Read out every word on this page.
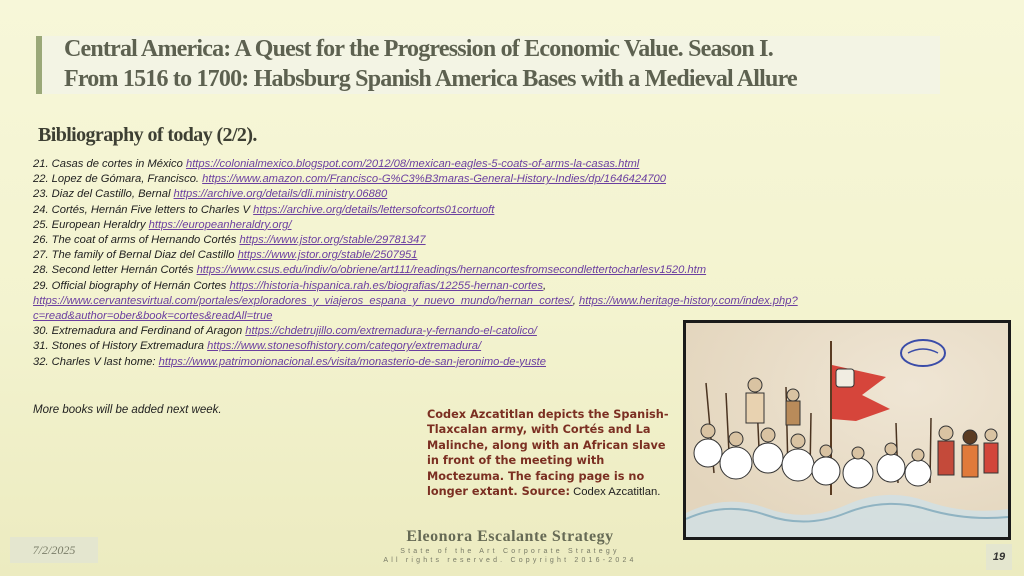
Central America: A Quest for the Progression of Economic Value. Season I.
From 1516 to 1700: Habsburg Spanish America Bases with a Medieval Allure
Bibliography of today (2/2).
21. Casas de cortes in México https://colonialmexico.blogspot.com/2012/08/mexican-eagles-5-coats-of-arms-la-casas.html
22. Lopez de Gómara, Francisco. https://www.amazon.com/Francisco-G%C3%B3maras-General-History-Indies/dp/1646424700
23. Diaz del Castillo, Bernal https://archive.org/details/dli.ministry.06880
24. Cortés, Hernán Five letters to Charles V https://archive.org/details/lettersofcorts01cortuoft
25. European Heraldry https://europeanheraldry.org/
26. The coat of arms of Hernando Cortés https://www.jstor.org/stable/29781347
27. The family of Bernal Diaz del Castillo https://www.jstor.org/stable/2507951
28. Second letter Hernán Cortés https://www.csus.edu/indiv/o/obriene/art111/readings/hernancortesfromsecondlettertocharlesv1520.htm
29. Official biography of Hernán Cortes https://historia-hispanica.rah.es/biografias/12255-hernan-cortes, https://www.cervantesvirtual.com/portales/exploradores_y_viajeros_espana_y_nuevo_mundo/hernan_cortes/, https://www.heritage-history.com/index.php?c=read&author=ober&book=cortes&readAll=true
30. Extremadura and Ferdinand of Aragon https://chdetrujillo.com/extremadura-y-fernando-el-catolico/
31. Stones of History Extremadura https://www.stonesofhistory.com/category/extremadura/
32. Charles V last home: https://www.patrimonionacional.es/visita/monasterio-de-san-jeronimo-de-yuste
More books will be added next week.	Codex Azcatitlan depicts the Spanish-Tlaxcalan army, with Cortés and La Malinche, along with an African slave in front of the meeting with Moctezuma. The facing page is no longer extant. Source: Codex Azcatitlan.
Eleonora Escalante Strategy
State of the Art Corporate Strategy
All rights reserved. Copyright 2016-2024
7/2/2025	19
